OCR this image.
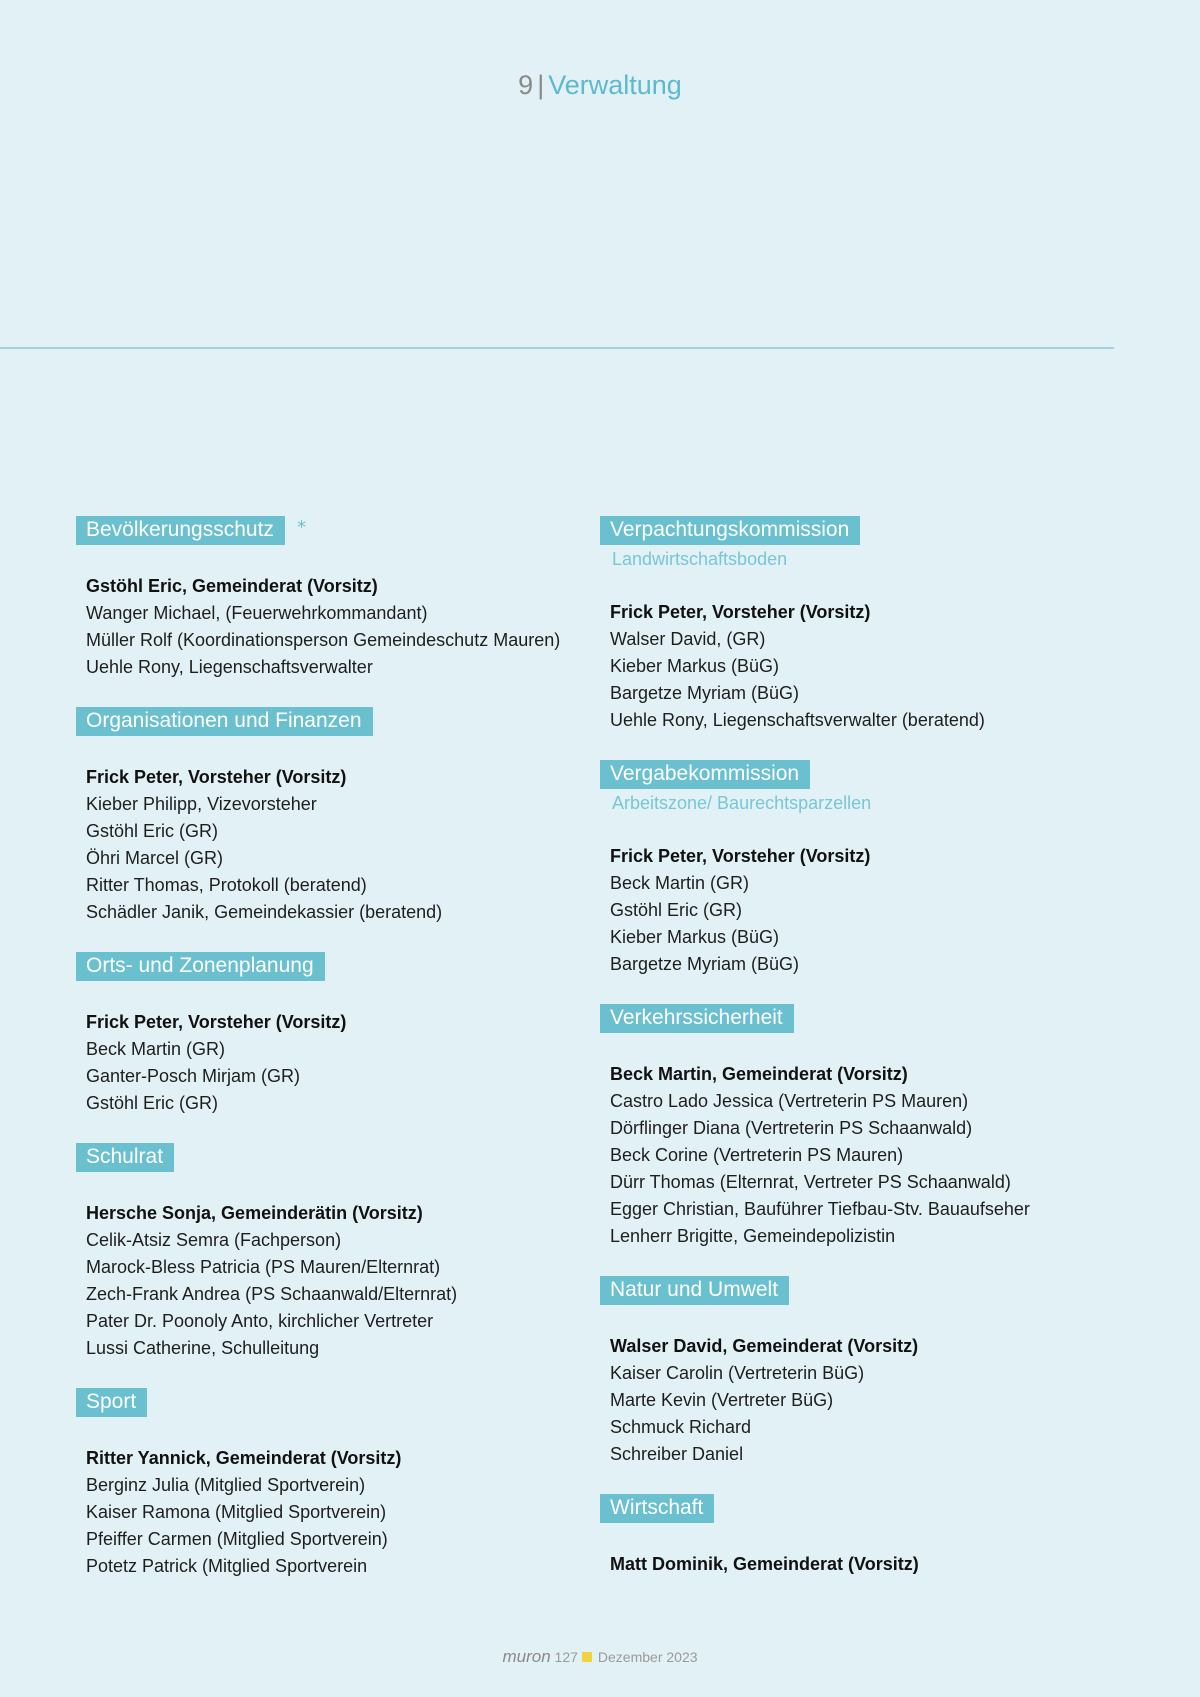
9 | Verwaltung
Bevölkerungsschutz	*
Gstöhl Eric, Gemeinderat (Vorsitz)
Wanger Michael, (Feuerwehrkommandant)
Müller Rolf (Koordinationsperson Gemeindeschutz Mauren)
Uehle Rony, Liegenschaftsverwalter
Organisationen und Finanzen
Frick Peter, Vorsteher (Vorsitz)
Kieber Philipp, Vizevorsteher
Gstöhl Eric (GR)
Öhri Marcel (GR)
Ritter Thomas, Protokoll (beratend)
Schädler Janik, Gemeindekassier (beratend)
Orts- und Zonenplanung
Frick Peter, Vorsteher (Vorsitz)
Beck Martin (GR)
Ganter-Posch Mirjam (GR)
Gstöhl Eric (GR)
Schulrat
Hersche Sonja, Gemeinderätin (Vorsitz)
Celik-Atsiz Semra (Fachperson)
Marock-Bless Patricia (PS Mauren/Elternrat)
Zech-Frank Andrea (PS Schaanwald/Elternrat)
Pater Dr. Poonoly Anto, kirchlicher Vertreter
Lussi Catherine, Schulleitung
Sport
Ritter Yannick, Gemeinderat (Vorsitz)
Berginz Julia (Mitglied Sportverein)
Kaiser Ramona (Mitglied Sportverein)
Pfeiffer Carmen (Mitglied Sportverein)
Potetz Patrick (Mitglied Sportverein
Verpachtungskommission
Landwirtschaftsboden
Frick Peter, Vorsteher (Vorsitz)
Walser David, (GR)
Kieber Markus (BüG)
Bargetze Myriam (BüG)
Uehle Rony, Liegenschaftsverwalter (beratend)
Vergabekommission
Arbeitszone/ Baurechtsparzellen
Frick Peter, Vorsteher (Vorsitz)
Beck Martin (GR)
Gstöhl Eric (GR)
Kieber Markus (BüG)
Bargetze Myriam (BüG)
Verkehrssicherheit
Beck Martin, Gemeinderat (Vorsitz)
Castro Lado Jessica (Vertreterin PS Mauren)
Dörflinger Diana (Vertreterin PS Schaanwald)
Beck Corine (Vertreterin PS Mauren)
Dürr Thomas (Elternrat, Vertreter PS Schaanwald)
Egger Christian, Bauführer Tiefbau-Stv. Bauaufseher
Lenherr Brigitte, Gemeindepolizistin
Natur und Umwelt
Walser David, Gemeinderat (Vorsitz)
Kaiser Carolin (Vertreterin BüG)
Marte Kevin (Vertreter BüG)
Schmuck Richard
Schreiber Daniel
Wirtschaft
Matt Dominik, Gemeinderat (Vorsitz)
muron 127 Dezember 2023
